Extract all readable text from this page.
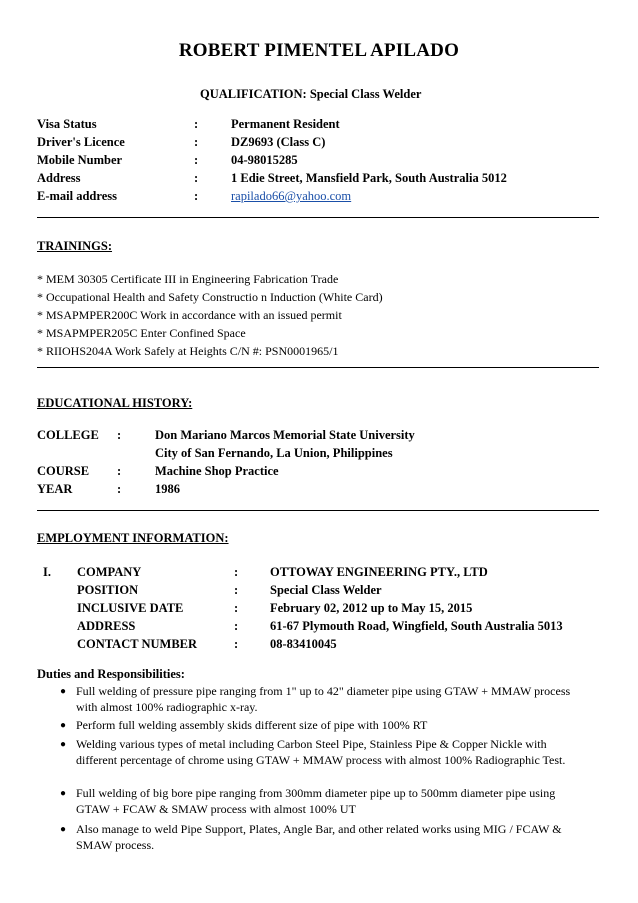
ROBERT PIMENTEL APILADO
QUALIFICATION: Special Class Welder
Visa Status	:	Permanent Resident
Driver's Licence	:	DZ9693 (Class C)
Mobile Number	:	04-98015285
Address	:	1 Edie Street, Mansfield Park, South Australia 5012
E-mail address	:	rapilado66@yahoo.com
TRAININGS:
* MEM 30305 Certificate III in Engineering Fabrication Trade
* Occupational Health and Safety Constructio n Induction (White Card)
* MSAPMPER200C Work in accordance with an issued permit
* MSAPMPER205C Enter Confined Space
* RIIOHS204A Work Safely at Heights C/N #: PSN0001965/1
EDUCATIONAL HISTORY:
COLLEGE :	Don Mariano Marcos Memorial State University
City of San Fernando, La Union, Philippines
COURSE :	Machine Shop Practice
YEAR	:	1986
EMPLOYMENT INFORMATION:
I. COMPANY	:	OTTOWAY ENGINEERING PTY., LTD
POSITION	:	Special Class Welder
INCLUSIVE DATE	:	February 02, 2012 up to May 15, 2015
ADDRESS	:	61-67 Plymouth Road, Wingfield, South Australia 5013
CONTACT NUMBER	:	08-83410045
Duties and Responsibilities:
● Full welding of pressure pipe ranging from 1" up to 42" diameter pipe using GTAW + MMAW process with almost 100% radiographic x-ray.
● Perform full welding assembly skids different size of pipe with 100% RT
● Welding various types of metal including Carbon Steel Pipe, Stainless Pipe & Copper Nickle with different percentage of chrome using GTAW + MMAW process with almost 100% Radiographic Test.
● Full welding of big bore pipe ranging from 300mm diameter pipe up to 500mm diameter pipe using GTAW + FCAW & SMAW process with almost 100% UT
● Also manage to weld Pipe Support, Plates, Angle Bar, and other related works using MIG / FCAW & SMAW process.
